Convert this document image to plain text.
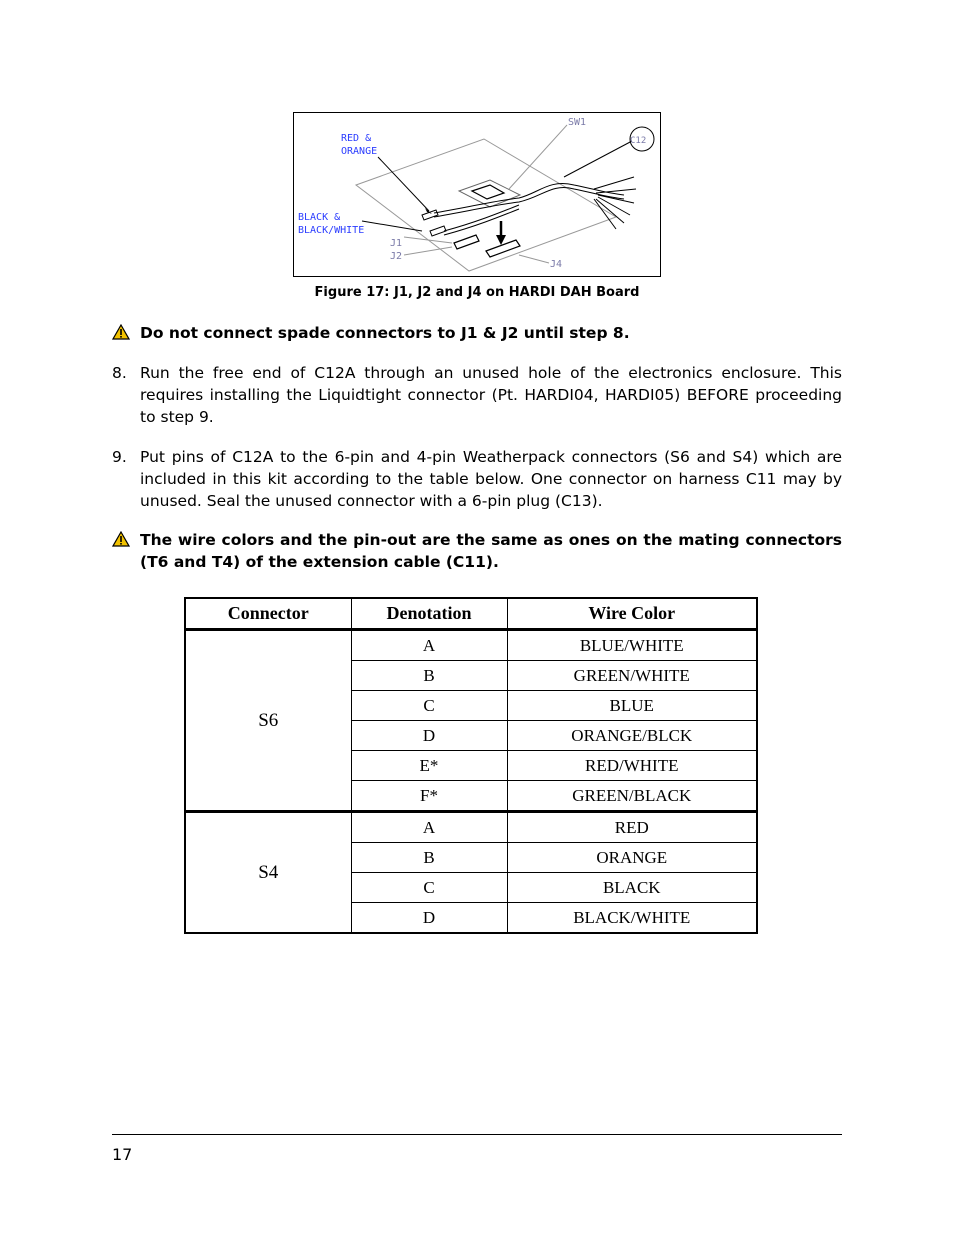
RED &
ORANGE
BLACK &
BLACK/WHITE
SW1
C12
J1
J2
J4
Figure 17: J1, J2 and J4 on HARDI DAH Board
Do not connect spade connectors to J1 & J2 until step 8.
8. Run the free end of C12A through an unused hole of the electronics enclosure. This requires installing the Liquidtight connector (Pt. HARDI04, HARDI05) BEFORE proceeding to step 9.
9. Put pins of C12A to the 6-pin and 4-pin Weatherpack connectors (S6 and S4) which are included in this kit according to the table below. One connector on harness C11 may by unused. Seal the unused connector with a 6-pin plug (C13).
The wire colors and the pin-out are the same as ones on the mating connectors (T6 and T4) of the extension cable (C11).
Connector	Denotation	Wire Color
S6	A	BLUE/WHITE
	B	GREEN/WHITE
	C	BLUE
	D	ORANGE/BLCK
	E*	RED/WHITE
	F*	GREEN/BLACK
S4	A	RED
	B	ORANGE
	C	BLACK
	D	BLACK/WHITE
17
